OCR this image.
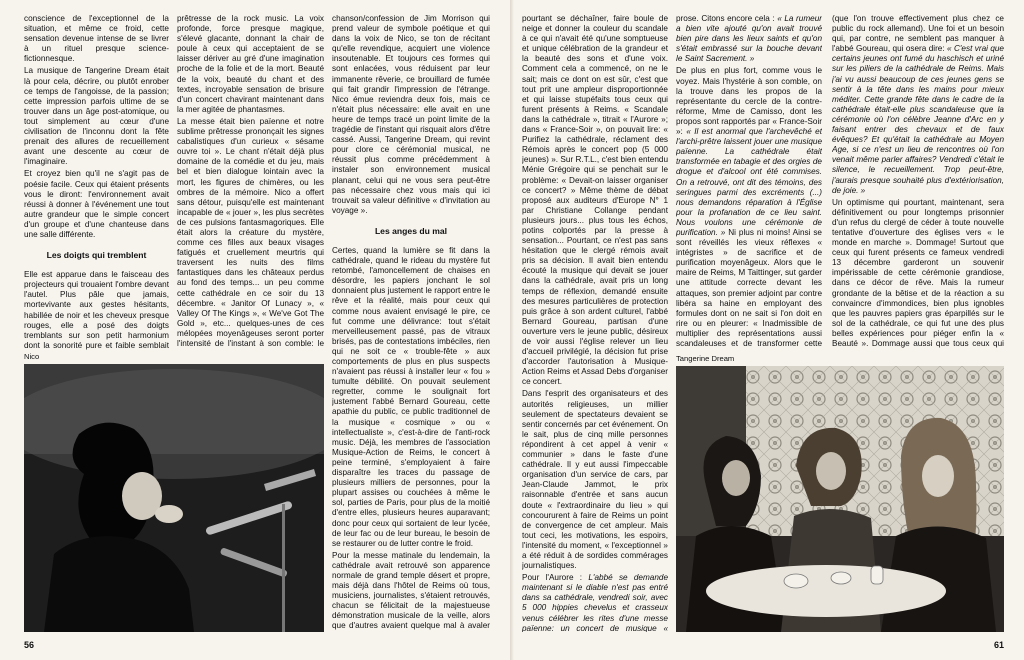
conscience de l'exceptionnel de la situation, et même ce froid, cette sensation devenue intense de se livrer à un rituel presque science-fictionnesque.

La musique de Tangerine Dream était là pour cela, décrire, ou plutôt enrober ce temps de l'angoisse, de la passion; cette impression parfois ultime de se trouver dans un âge post-atomique, ou tout simplement au cœur d'une civilisation de l'inconnu dont la fête prenait des allures de recueillement avant une descente au cœur de l'imaginaire.

Et croyez bien qu'il ne s'agit pas de poésie facile. Ceux qui étaient présents vous le diront: l'environnement avait réussi à donner à l'événement une tout autre grandeur que le simple concert d'un groupe et d'une chanteuse dans une salle différente.

Les doigts qui tremblent

Elle est apparue dans le faisceau des projecteurs qui trouaient l'ombre devant l'autel. Plus pâle que jamais, mortevivante aux gestes hésitants, habillée de noir et les cheveux presque rouges, elle a posé des doigts tremblants sur son petit harmonium dont la sonorité pure et faible semblait

prêtresse de la rock music. La voix profonde, force presque magique, s'élevé glacante, donnant la chair de poule à ceux qui acceptaient de se laisser dériver au gré d'une imagination proche de la folie et de la mort. Beauté de la voix, beauté du chant et des textes, incroyable sensation de brisure d'un concert chavirant maintenant dans la mer agitée de phantasmes.

La messe était bien païenne et notre sublime prêtresse prononçait les signes cabalistiques d'un curieux « sésame ouvre toi ». Le chant n'était déjà plus domaine de la comédie et du jeu, mais bel et bien dialogue lointain avec la mort, les figures de chimères, ou les ombres de la mémoire. Nico a offert sans détour, puisqu'elle est maintenant incapable de « jouer », les plus secrètes de ces pulsions fantasmagoriques. Elle était alors la créature du mystère, comme ces filles aux beaux visages fatigués et cruellement meurtris qui traversent les nuits des films fantastiques dans les châteaux perdus au fond des temps... un peu comme cette cathédrale en ce soir du 13 décembre. « Janitor Of Lunacy », « Valley Of The Kings », « We've Got The Gold », etc... quelques-unes de ces mélopées moyenâgeuses seront porter l'intensité de l'instant à son comble: le

chanson/confession de Jim Morrison qui prend valeur de symbole poétique et qui dans la voix de Nico, se ton de récitant qu'elle revendique, acquiert une violence insoutenable. Et toujours ces formes qui sont enlacées, vous réduisent par leur immanente rêverie, ce brouillard de fumée qui fait grandir l'impression de l'étrange. Nico émue reviendra deux fois, mais ce n'était plus nécessaire: elle avait en une heure de temps tracé un point limite de la tragédie de l'instant qui risquait alors d'être cassé. Aussi, Tangerine Dream, qui revint pour clore ce cérémonial musical, ne réussit plus comme précédemment à instaler son environnement musical planant, celui qui ne vous sera peut-être pas nécessaire chez vous mais qui ici trouvait sa valeur définitive « d'invitation au voyage ».

Les anges du mal

Certes, quand la lumière se fit dans la cathédrale, quand le rideau du mystère fut retombé, l'amoncellement de chaises en désordre, les papiers jonchant le sol donnaient plus justement le rapport entre le rêve et la réalité, mais pour ceux qui comme nous avaient envisagé le pire, ce fut comme une délivrance: tout s'était merveilleusement passé, pas de vitraux brisés, pas de contestations imbéciles, rien qui ne soit ce « trouble-fête » aux comportements de plus en plus suspects n'avaient pas réussi à installer leur « fou » tumulte débilité. On pouvait seulement regretter, comme le soulignait fort justement l'abbé Bernard Goureau, cette apathie du public, ce public traditionnel de la musique « cosmique » ou « intellectualiste », c'est-à-dire de l'anti-rock music. Déjà, les membres de l'association Musique-Action de Reims, le concert à peine terminé, s'employaient à faire disparaître les traces du passage de plusieurs milliers de personnes, pour la plupart assises ou couchées à même le sol, parties de Paris, pour plus de la moitié d'entre elles, plusieurs heures auparavant; donc pour ceux qui sortaient de leur lycée, de leur fac ou de leur bureau, le besoin de se restaurer ou de lutter contre le froid.

Pour la messe matinale du lendemain, la cathédrale avait retrouvé son apparence normale de grand temple désert et propre, mais déjà dans l'hôtel de Reims où tous, musiciens, journalistes, s'étaient retrouvés, chacun se félicitait de la majestueuse démonstration musicale de la veille, alors que d'autres avaient quelque mal à avaler

Nico
56

pourtant se déchaîner, faire boule de neige et donner la couleur du scandale à ce qui n'avait été qu'une somptueuse et unique célébration de la grandeur et la beauté des sons et d'une voix. Comment cela a commencé, on ne le sait; mais ce dont on est sûr, c'est que tout prit une ampleur disproportionnée et qui laisse stupéfaits tous ceux qui furent présents à Reims. « Scandale dans la cathédrale », titrait « l'Aurore »; dans « France-Soir », on pouvait lire: « Purifiez la cathédrale, réclament des Rémois après le concert pop (5 000 jeunes) ». Sur R.T.L., c'est bien entendu Ménie Grégoire qui se penchait sur le problème: « Devait-on laisser organiser ce concert? » Même thème de débat proposé aux auditeurs d'Europe N° 1 par Christiane Collange pendant plusieurs jours... plus tous les échos, potins colportés par la presse à sensation... Pourtant, ce n'est pas sans hésitation que le clergé rémois avait pris sa décision. Il avait bien entendu écouté la musique qui devait se jouer dans la cathédrale, avait pris un long temps de réflexion, demandé ensuite des mesures particulières de protection puis grâce à son ardent culturel, l'abbé Bernard Goureau, partisan d'une ouverture vers le jeune public, désireux de voir aussi l'église relever un lieu d'accueil privilégié, la décision fut prise d'accorder l'autorisation à Musique-Action Reims et Assad Debs d'organiser ce concert.

Dans l'esprit des organisateurs et des autorités religieuses, un millier seulement de spectateurs devaient se sentir concernés par cet événement. On le sait, plus de cinq mille personnes répondirent à cet appel à venir « communier » dans le faste d'une cathédrale. Il y eut aussi l'impeccable organisation d'un service de cars, par Jean-Claude Jammot, le prix raisonnable d'entrée et sans aucun doute « l'extraordinaire du lieu » qui concoururent à faire de Reims un point de convergence de cet ampleur. Mais tout ceci, les motivations, les espoirs, l'intensité du moment, « l'exceptionnel » a été réduit à de sordides commérages journalistiques.

Pour l'Aurore : L'abbé se demande maintenant si le diable n'est pas entré dans sa cathédrale, vendredi soir, avec 5 000 hippies chevelus et crasseux venus célébrer les rites d'une messe païenne: un concert de musique «

prose. Citons encore cela : « La rumeur a bien vite ajouté qu'on avait trouvé bien pire dans les lieux saints et qu'on s'était embrassé sur la bouche devant le Saint Sacrement. »

De plus en plus fort, comme vous le voyez. Mais l'hystérie à son comble, on la trouve dans les propos de la représentante du cercle de la contre-réforme, Mme de Camisso, dont les propos sont rapportés par « France-Soir »: « Il est anormal que l'archevêché et l'archi-prêtre laissent jouer une musique païenne. La cathédrale était transformée en tabagie et des orgies de drogue et d'alcool ont été commises. On a retrouvé, ont dit des témoins, des seringues parmi des excréments (...) nous demandons réparation à l'Église pour la profanation de ce lieu saint. Nous voulons une cérémonie de purification. » Ni plus ni moins! Ainsi se sont réveillés les vieux réflexes « intégristes » de sacrifice et de purification moyenâgeux. Alors que le maire de Reims, M Taittinger, sut garder une attitude correcte devant les attaques, son premier adjoint par contre libéra sa haine en employant des formules dont on ne sait si l'on doit en rire ou en pleurer: « Inadmissible de multiplier des représentations aussi scandaleuses et de transformer cette

(que l'on trouve effectivement plus chez ce public du rock allemand). Une foi et un besoin qui, par contre, ne semblent pas manquer à l'abbé Goureau, qui osera dire: « C'est vrai que certains jeunes ont fumé du haschisch et uriné sur les piliers de la cathédrale de Reims. Mais j'ai vu aussi beaucoup de ces jeunes gens se sentir à la tête dans les mains pour mieux méditer. Cette grande fête dans le cadre de la cathédrale était-elle plus scandaleuse que la cérémonie où l'on célèbre Jeanne d'Arc en y faisant entrer des chevaux et de faux évêques? Et qu'était la cathédrale au Moyen Age, si ce n'est un lieu de rencontres où l'on venait même parler affaires? Vendredi c'était le silence, le recueillement. Trop peut-être, j'aurais presque souhaité plus d'extériorisation, de joie. »

Un optimisme qui pourtant, maintenant, sera définitivement ou pour longtemps prisonnier d'un refus du clergé de céder à toute nouvelle tentative d'ouverture des églises vers « le monde en marche ». Dommage! Surtout que ceux qui furent présents ce fameux vendredi 13 décembre garderont un souvenir impérissable de cette cérémonie grandiose, dans ce décor de rêve. Mais la rumeur grondante de la bêtise et de la réaction a su convaincre d'immondices, bien plus ignobles que les pauvres papiers gras éparpillés sur le sol de la cathédrale, ce qui fut une des plus belles expériences pour piéger enfin la « Beauté ». Dommage aussi que tous ceux qui

Tangerine Dream
61
